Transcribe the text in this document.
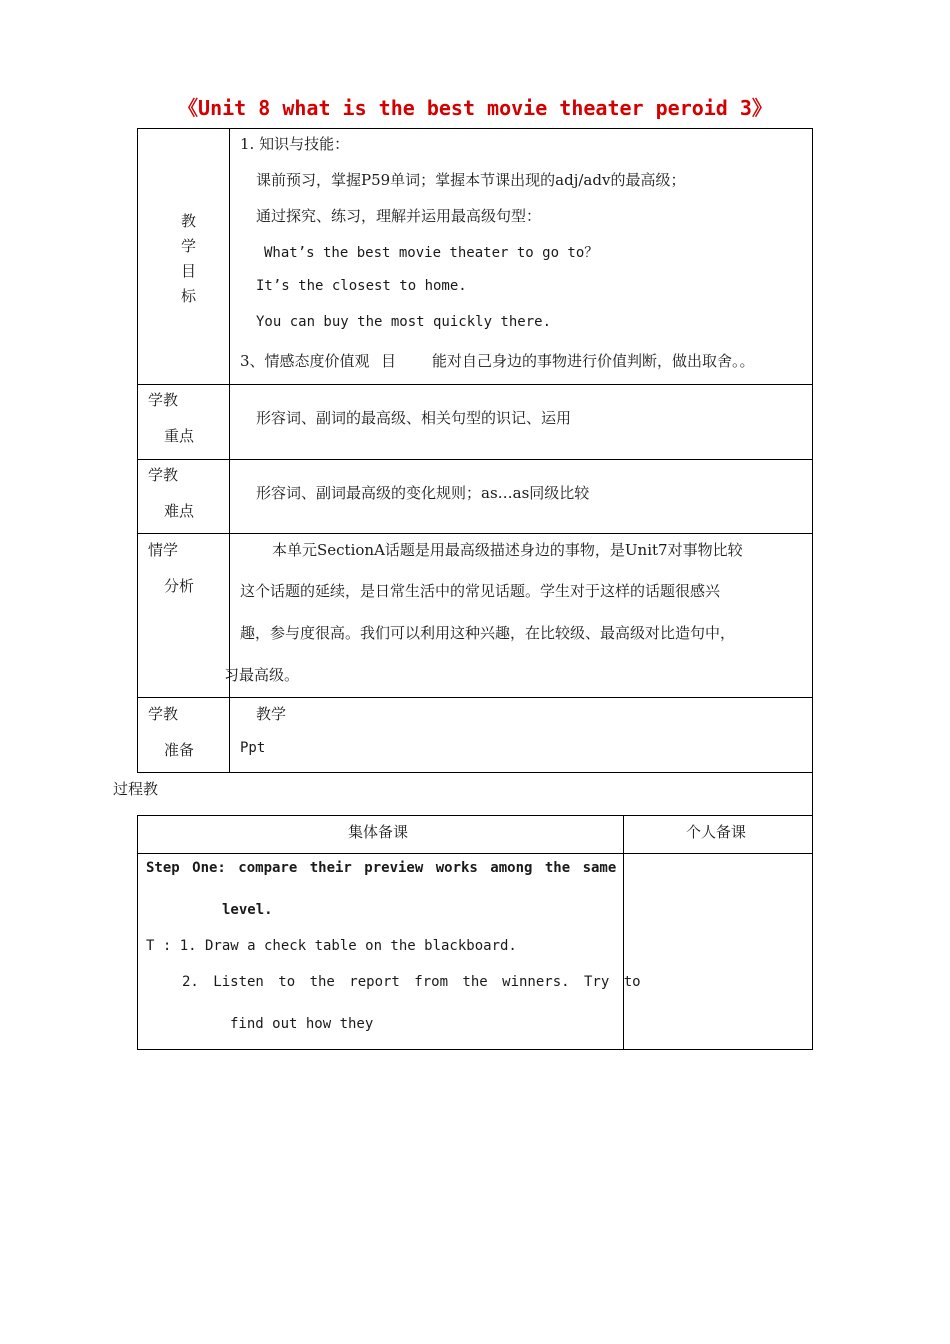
《Unit 8 what is the best movie theater peroid 3》
教
学
目
标
1. 知识与技能：
课前预习，掌握P59单词；掌握本节课出现的adj/adv的最高级；
通过探究、练习，理解并运用最高级句型：
What’s the best movie theater to go to？
It’s the closest to home.
You can buy the most quickly there.
3、情感态度价值观 目 能对自己身边的事物进行价值判断，做出取舍。。
学教
重点
形容词、副词的最高级、相关句型的识记、运用
学教
难点
形容词、副词最高级的变化规则；as…as同级比较
情学
分析
本单元SectionA话题是用最高级描述身边的事物，是Unit7对事物比较
这个话题的延续，是日常生活中的常见话题。学生对于这样的话题很感兴
趣，参与度很高。我们可以利用这种兴趣，在比较级、最高级对比造句中，
习最高级。
学教
准备
教学
Ppt
过程教
集体备课	个人备课
Step One: compare their preview works among the same
level.
T : 1. Draw a check table on the blackboard.
2. Listen to the report from the winners. Try to
find out how they
